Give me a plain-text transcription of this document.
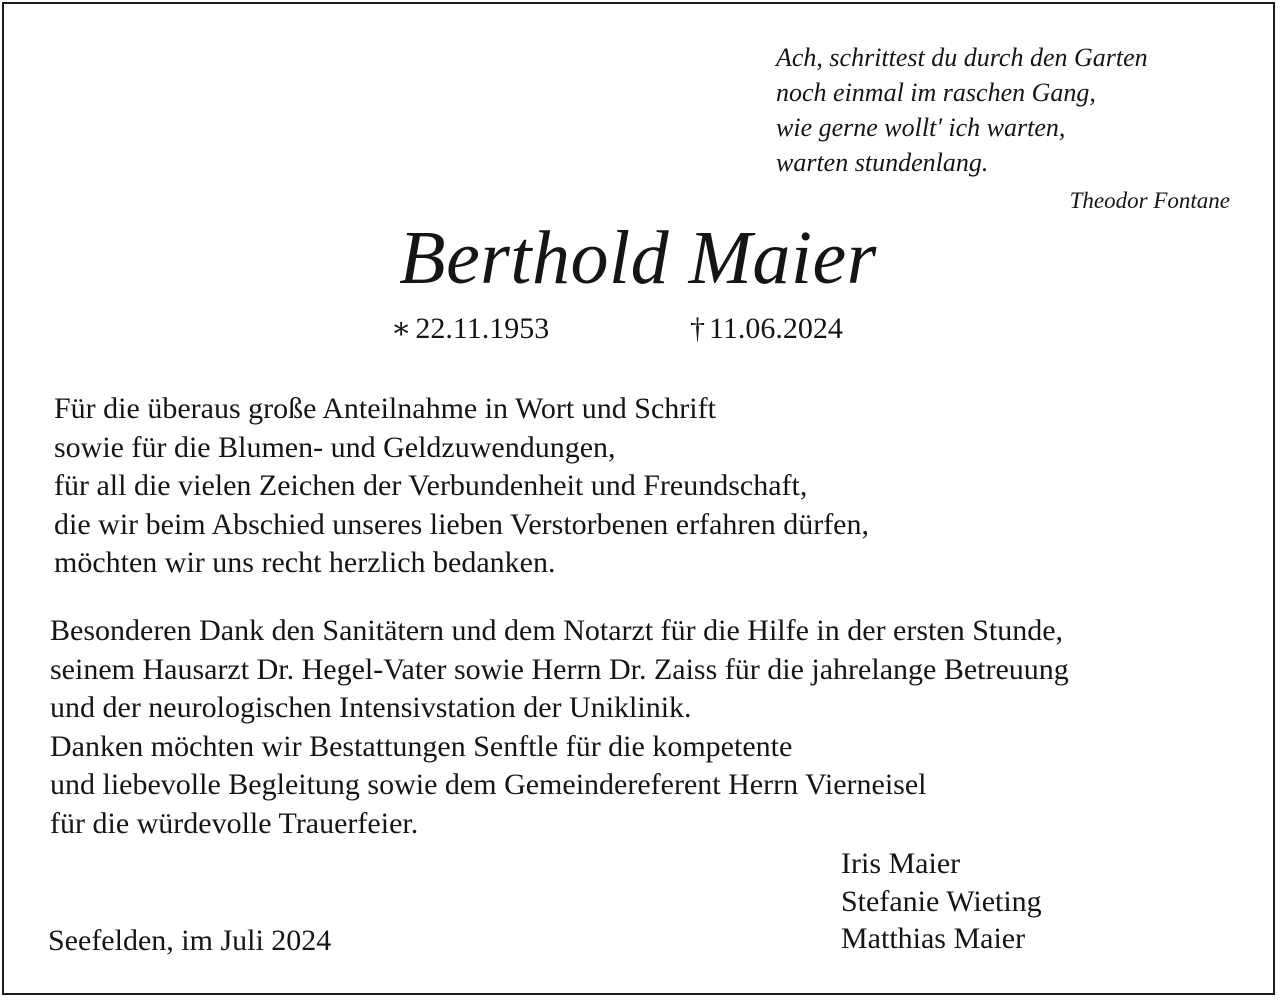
Ach, schrittest du durch den Garten
noch einmal im raschen Gang,
wie gerne wollt' ich warten,
warten stundenlang.
Theodor Fontane
Berthold Maier
∗ 22.11.1953	† 11.06.2024
Für die überaus große Anteilnahme in Wort und Schrift
sowie für die Blumen- und Geldzuwendungen,
für all die vielen Zeichen der Verbundenheit und Freundschaft,
die wir beim Abschied unseres lieben Verstorbenen erfahren dürfen,
möchten wir uns recht herzlich bedanken.
Besonderen Dank den Sanitätern und dem Notarzt für die Hilfe in der ersten Stunde,
seinem Hausarzt Dr. Hegel-Vater sowie Herrn Dr. Zaiss für die jahrelange Betreuung
und der neurologischen Intensivstation der Uniklinik.
Danken möchten wir Bestattungen Senftle für die kompetente
und liebevolle Begleitung sowie dem Gemeindereferent Herrn Vierneisel
für die würdevolle Trauerfeier.
Iris Maier
Stefanie Wieting
Matthias Maier
Seefelden, im Juli 2024
